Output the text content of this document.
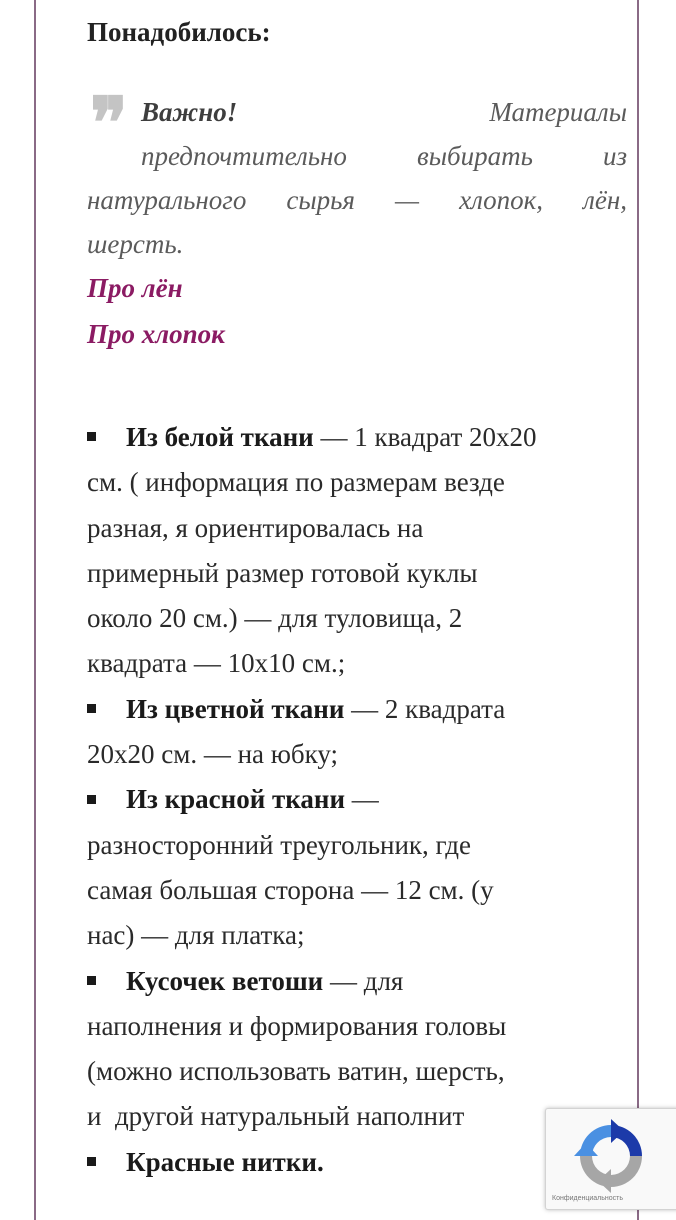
Понадобилось:
❞ Важно!	Материалы

предпочтительно выбирать из
натурального сырья — хлопок, лён,
шерсть.
Про лён
Про хлопок
Из белой ткани — 1 квадрат 20х20
см. ( информация по размерам везде
разная, я ориентировалась на
примерный размер готовой куклы
около 20 см.) — для туловища, 2
квадрата — 10х10 см.;
Из цветной ткани — 2 квадрата
20х20 см. — на юбку;
Из красной ткани —
разносторонний треугольник, где
самая большая сторона — 12 см. (у
нас) — для платка;
Кусочек ветоши — для
наполнения и формирования головы
(можно использовать ватин, шерсть,
и  другой натуральный наполнит
Красные нитки.
Конфиденциальность
